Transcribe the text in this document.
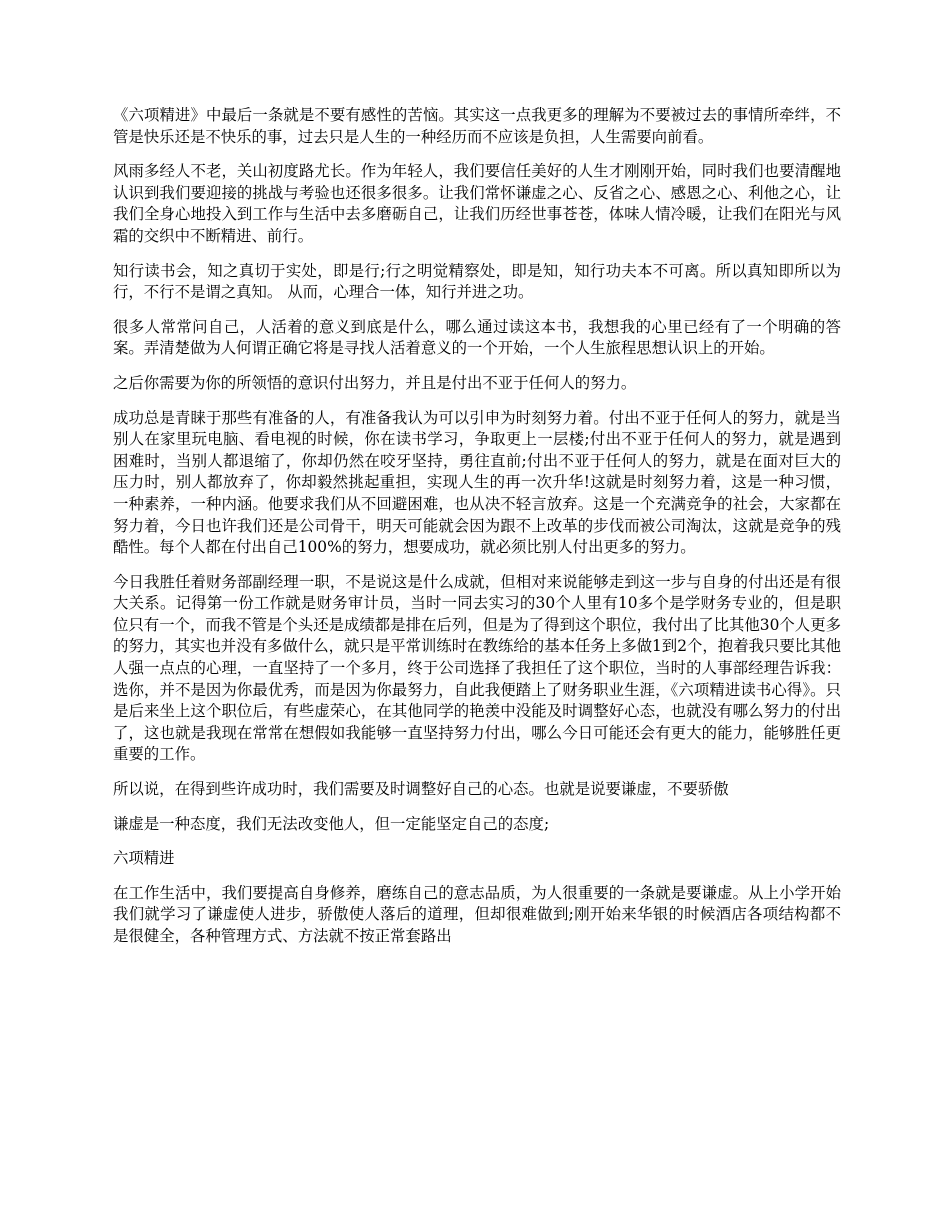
《六项精进》中最后一条就是不要有感性的苦恼。其实这一点我更多的理解为不要被过去的事情所牵绊，不管是快乐还是不快乐的事，过去只是人生的一种经历而不应该是负担，人生需要向前看。

风雨多经人不老，关山初度路尤长。作为年轻人，我们要信任美好的人生才刚刚开始，同时我们也要清醒地认识到我们要迎接的挑战与考验也还很多很多。让我们常怀谦虚之心、反省之心、感恩之心、利他之心，让我们全身心地投入到工作与生活中去多磨砺自己，让我们历经世事苍苍，体味人情冷暖，让我们在阳光与风霜的交织中不断精进、前行。

知行读书会，知之真切于实处，即是行;行之明觉精察处，即是知，知行功夫本不可离。所以真知即所以为行，不行不是谓之真知。 从而，心理合一体，知行并进之功。

很多人常常问自己，人活着的意义到底是什么，哪么通过读这本书，我想我的心里已经有了一个明确的答案。弄清楚做为人何谓正确它将是寻找人活着意义的一个开始，一个人生旅程思想认识上的开始。

之后你需要为你的所领悟的意识付出努力，并且是付出不亚于任何人的努力。

成功总是青睐于那些有准备的人，有准备我认为可以引申为时刻努力着。付出不亚于任何人的努力，就是当别人在家里玩电脑、看电视的时候，你在读书学习，争取更上一层楼;付出不亚于任何人的努力，就是遇到困难时，当别人都退缩了，你却仍然在咬牙坚持，勇往直前;付出不亚于任何人的努力，就是在面对巨大的压力时，别人都放弃了，你却毅然挑起重担，实现人生的再一次升华!这就是时刻努力着，这是一种习惯，一种素养，一种内涵。他要求我们从不回避困难，也从决不轻言放弃。这是一个充满竞争的社会，大家都在努力着，今日也许我们还是公司骨干，明天可能就会因为跟不上改革的步伐而被公司淘汰，这就是竞争的残酷性。每个人都在付出自己100%的努力，想要成功，就必须比别人付出更多的努力。

今日我胜任着财务部副经理一职，不是说这是什么成就，但相对来说能够走到这一步与自身的付出还是有很大关系。记得第一份工作就是财务审计员，当时一同去实习的30个人里有10多个是学财务专业的，但是职位只有一个，而我不管是个头还是成绩都是排在后列，但是为了得到这个职位，我付出了比其他30个人更多的努力，其实也并没有多做什么，就只是平常训练时在教练给的基本任务上多做1到2个，抱着我只要比其他人强一点点的心理，一直坚持了一个多月，终于公司选择了我担任了这个职位，当时的人事部经理告诉我：选你，并不是因为你最优秀，而是因为你最努力，自此我便踏上了财务职业生涯，《六项精进读书心得》。只是后来坐上这个职位后，有些虚荣心，在其他同学的艳羡中没能及时调整好心态，也就没有哪么努力的付出了，这也就是我现在常常在想假如我能够一直坚持努力付出，哪么今日可能还会有更大的能力，能够胜任更重要的工作。

所以说，在得到些许成功时，我们需要及时调整好自己的心态。也就是说要谦虚，不要骄傲

谦虚是一种态度，我们无法改变他人，但一定能坚定自己的态度;

六项精进

在工作生活中，我们要提高自身修养，磨练自己的意志品质，为人很重要的一条就是要谦虚。从上小学开始我们就学习了谦虚使人进步，骄傲使人落后的道理，但却很难做到;刚开始来华银的时候酒店各项结构都不是很健全，各种管理方式、方法就不按正常套路出
